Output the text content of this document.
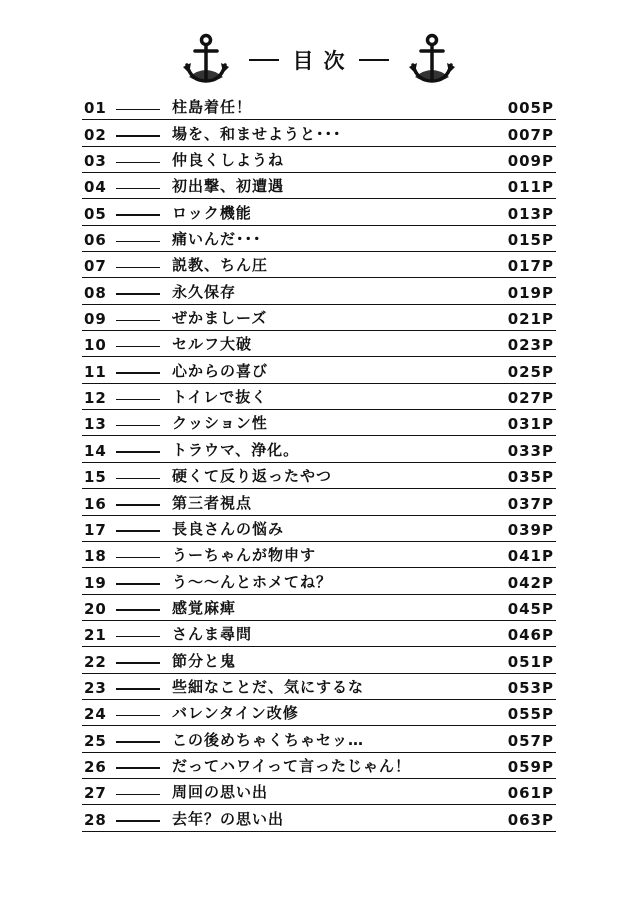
目次
01	柱島着任！	005P
02	場を、和ませようと･･･	007P
03	仲良くしようね	009P
04	初出撃、初遭遇	011P
05	ロック機能	013P
06	痛いんだ･･･	015P
07	説教、ちん圧	017P
08	永久保存	019P
09	ぜかましーズ	021P
10	セルフ大破	023P
11	心からの喜び	025P
12	トイレで抜く	027P
13	クッション性	031P
14	トラウマ、浄化。	033P
15	硬くて反り返ったやつ	035P
16	第三者視点	037P
17	長良さんの悩み	039P
18	うーちゃんが物申す	041P
19	う～～んとホメてね？	042P
20	感覚麻痺	045P
21	さんま尋問	046P
22	節分と鬼	051P
23	些細なことだ、気にするな	053P
24	バレンタイン改修	055P
25	この後めちゃくちゃセッ…	057P
26	だってハワイって言ったじゃん！	059P
27	周回の思い出	061P
28	去年？の思い出	063P
